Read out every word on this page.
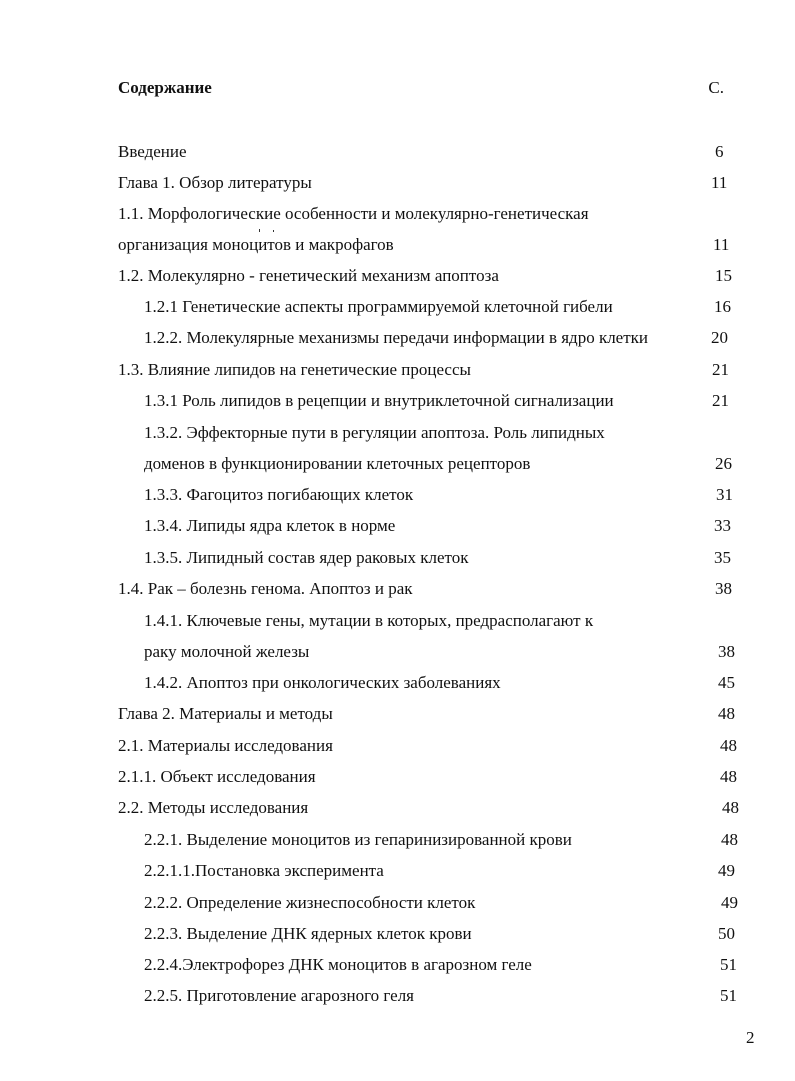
Содержание	С.
Введение	6
Глава 1. Обзор литературы	11
1.1. Морфологические особенности и молекулярно-генетическая
организация моноцитов и макрофагов	11
1.2. Молекулярно - генетический механизм апоптоза	15
1.2.1 Генетические аспекты программируемой клеточной гибели	16
1.2.2. Молекулярные механизмы передачи информации в ядро клетки	20
1.3. Влияние липидов на генетические процессы	21
1.3.1 Роль липидов в рецепции и внутриклеточной сигнализации	21
1.3.2. Эффекторные пути в регуляции апоптоза. Роль липидных
доменов в функционировании клеточных рецепторов	26
1.3.3. Фагоцитоз погибающих клеток	31
1.3.4. Липиды ядра клеток в норме	33
1.3.5. Липидный состав ядер раковых клеток	35
1.4. Рак – болезнь генома. Апоптоз и рак	38
1.4.1. Ключевые гены, мутации в которых, предрасполагают к
раку молочной железы	38
1.4.2. Апоптоз при онкологических заболеваниях	45
Глава 2. Материалы и методы	48
2.1. Материалы исследования	48
2.1.1. Объект исследования	48
2.2. Методы исследования	48
2.2.1. Выделение моноцитов из гепаринизированной крови	48
2.2.1.1.Постановка эксперимента	49
2.2.2. Определение жизнеспособности клеток	49
2.2.3. Выделение ДНК ядерных клеток крови	50
2.2.4.Электрофорез ДНК моноцитов в агарозном геле	51
2.2.5. Приготовление агарозного геля	51
2
